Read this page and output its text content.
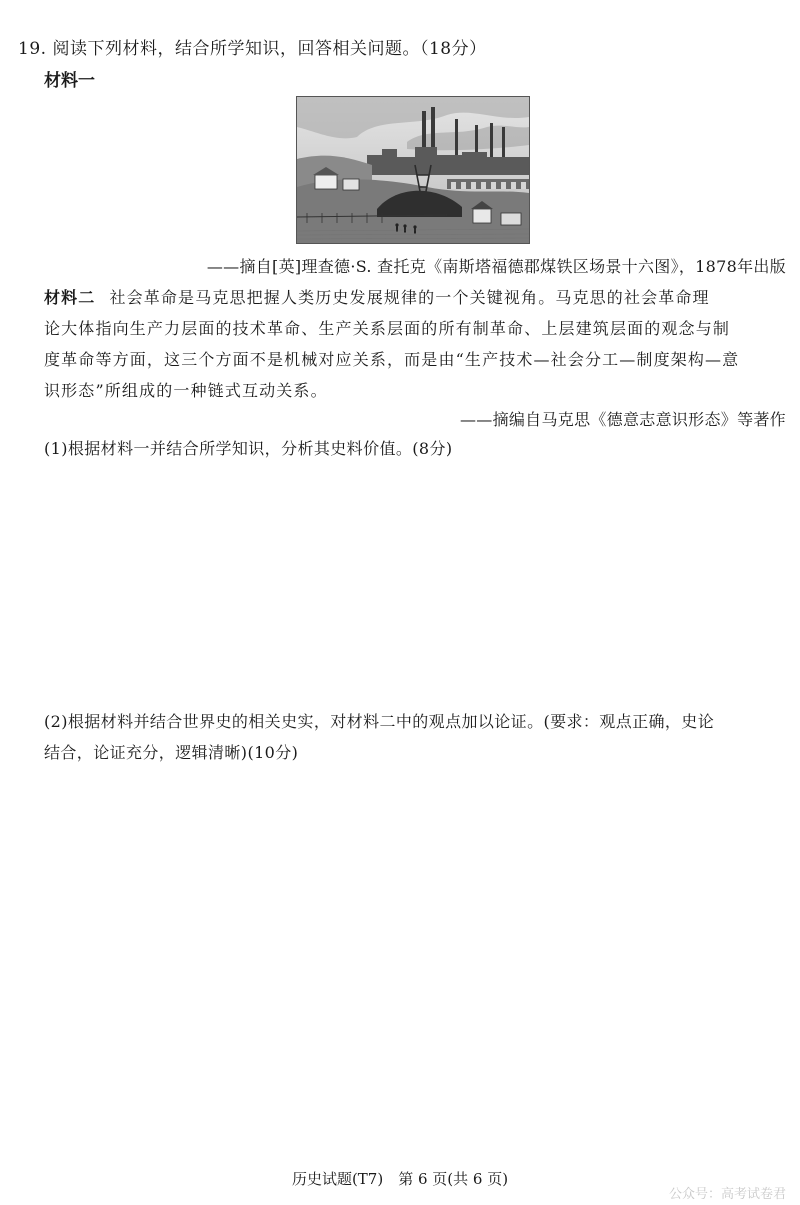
19. 阅读下列材料，结合所学知识，回答相关问题。（18分）
材料一
——摘自[英]理查德·S. 查托克《南斯塔福德郡煤铁区场景十六图》，1878年出版
材料二 社会革命是马克思把握人类历史发展规律的一个关键视角。马克思的社会革命理
论大体指向生产力层面的技术革命、生产关系层面的所有制革命、上层建筑层面的观念与制
度革命等方面，这三个方面不是机械对应关系，而是由“生产技术—社会分工—制度架构—意
识形态”所组成的一种链式互动关系。
——摘编自马克思《德意志意识形态》等著作
(1)根据材料一并结合所学知识，分析其史料价值。(8分)
(2)根据材料并结合世界史的相关史实，对材料二中的观点加以论证。(要求：观点正确，史论
结合，论证充分，逻辑清晰)(10分)
历史试题(T7)　第 6 页(共 6 页)
公众号：高考试卷君
